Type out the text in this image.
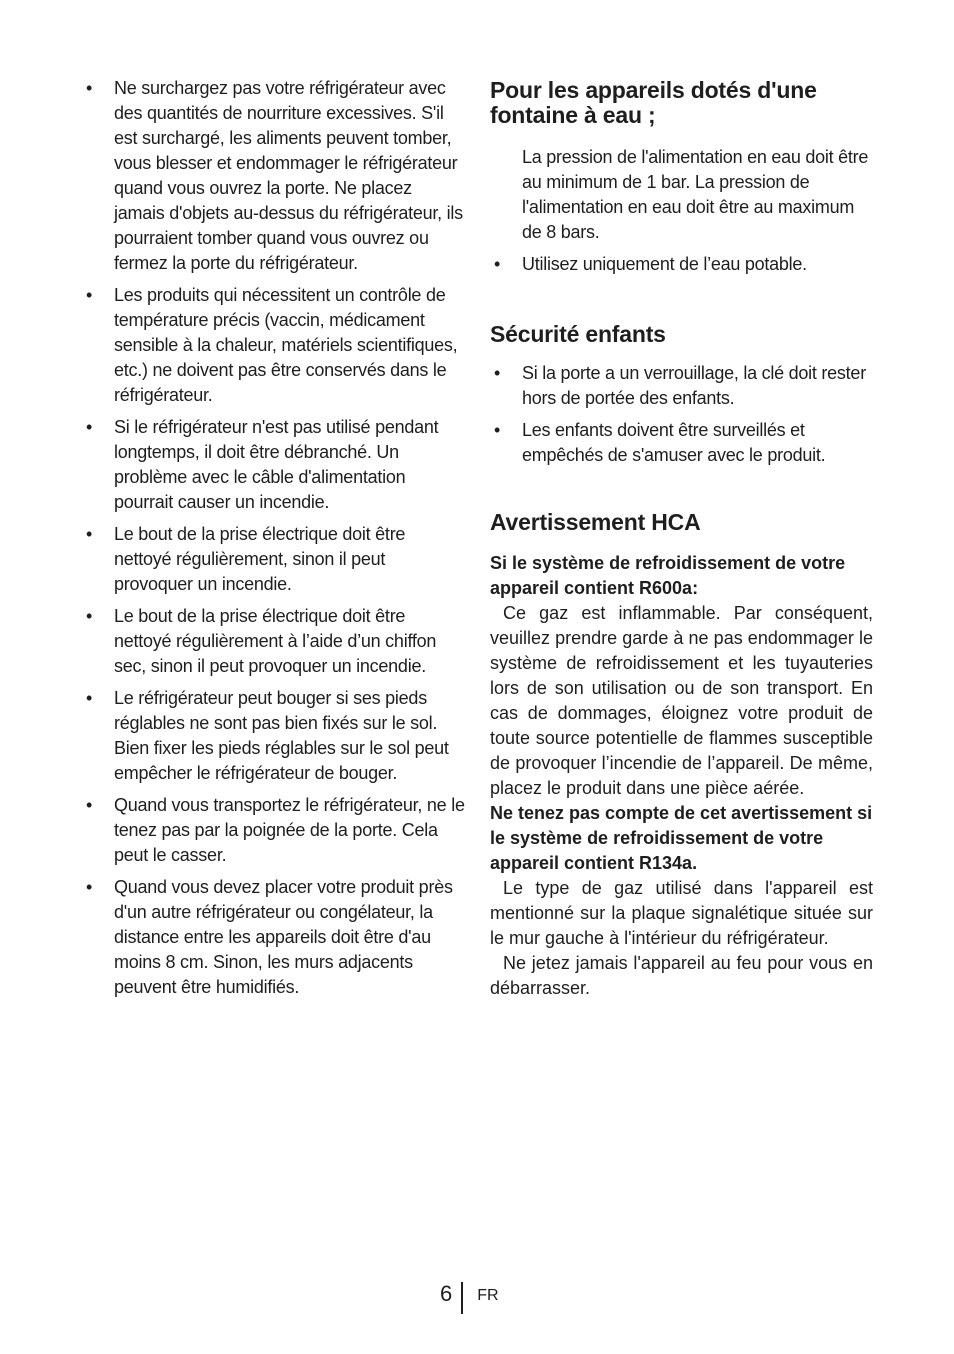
• Ne surchargez pas votre réfrigérateur avec des quantités de nourriture excessives. S'il est surchargé, les aliments peuvent tomber, vous blesser et endommager le réfrigérateur quand vous ouvrez la porte. Ne placez jamais d'objets au-dessus du réfrigérateur, ils pourraient tomber quand vous ouvrez ou fermez la porte du réfrigérateur.
• Les produits qui nécessitent un contrôle de température précis (vaccin, médicament sensible à la chaleur, matériels scientifiques, etc.) ne doivent pas être conservés dans le réfrigérateur.
• Si le réfrigérateur n'est pas utilisé pendant longtemps, il doit être débranché. Un problème avec le câble d'alimentation pourrait causer un incendie.
• Le bout de la prise électrique doit être nettoyé régulièrement, sinon il peut provoquer un incendie.
• Le bout de la prise électrique doit être nettoyé régulièrement à l’aide d’un chiffon sec, sinon il peut provoquer un incendie.
• Le réfrigérateur peut bouger si ses pieds réglables ne sont pas bien fixés sur le sol. Bien fixer les pieds réglables sur le sol peut empêcher le réfrigérateur de bouger.
• Quand vous transportez le réfrigérateur, ne le tenez pas par la poignée de la porte. Cela peut le casser.
• Quand vous devez placer votre produit près d'un autre réfrigérateur ou congélateur, la distance entre les appareils doit être d'au moins 8 cm. Sinon, les murs adjacents peuvent être humidifiés.
Pour les appareils dotés d'une fontaine à eau ;

La pression de l'alimentation en eau doit être au minimum de 1 bar. La pression de l'alimentation en eau doit être au maximum de 8 bars.

• Utilisez uniquement de l’eau potable.
Sécurité enfants
• Si la porte a un verrouillage, la clé doit rester hors de portée des enfants.
• Les enfants doivent être surveillés et empêchés de s'amuser avec le produit.
Avertissement HCA

Si le système de refroidissement de votre appareil contient R600a:

Ce gaz est inflammable. Par conséquent, veuillez prendre garde à ne pas endommager le système de refroidissement et les tuyauteries lors de son utilisation ou de son transport. En cas de dommages, éloignez votre produit de toute source potentielle de flammes susceptible de provoquer l’incendie de l’appareil. De même, placez le produit dans une pièce aérée.

Ne tenez pas compte de cet avertissement si le système de refroidissement de votre appareil contient R134a.

Le type de gaz utilisé dans l'appareil est mentionné sur la plaque signalétique située sur le mur gauche à l'intérieur du réfrigérateur.

Ne jetez jamais l'appareil au feu pour vous en débarrasser.

6 FR
